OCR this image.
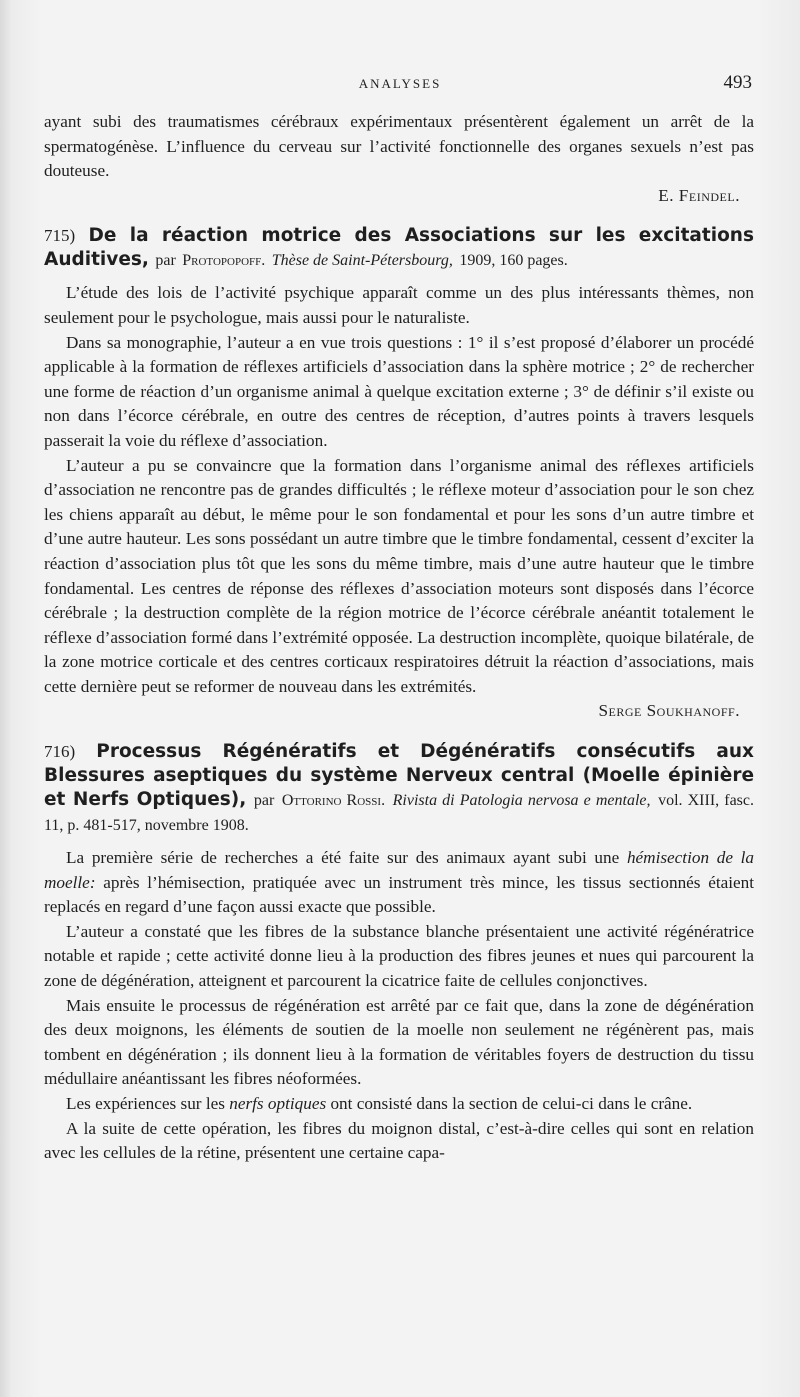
ANALYSES	493

ayant subi des traumatismes cérébraux expérimentaux présentèrent également un arrêt de la spermatogénèse. L’influence du cerveau sur l’activité fonctionnelle des organes sexuels n’est pas douteuse.

E. Feindel.

715) De la réaction motrice des Associations sur les excitations Auditives, par Protopopoff. Thèse de Saint-Pétersbourg, 1909, 160 pages.

L’étude des lois de l’activité psychique apparaît comme un des plus intéressants thèmes, non seulement pour le psychologue, mais aussi pour le naturaliste.

Dans sa monographie, l’auteur a en vue trois questions : 1° il s’est proposé d’élaborer un procédé applicable à la formation de réflexes artificiels d’association dans la sphère motrice ; 2° de rechercher une forme de réaction d’un organisme animal à quelque excitation externe ; 3° de définir s’il existe ou non dans l’écorce cérébrale, en outre des centres de réception, d’autres points à travers lesquels passerait la voie du réflexe d’association.

L’auteur a pu se convaincre que la formation dans l’organisme animal des réflexes artificiels d’association ne rencontre pas de grandes difficultés ; le réflexe moteur d’association pour le son chez les chiens apparaît au début, le même pour le son fondamental et pour les sons d’un autre timbre et d’une autre hauteur. Les sons possédant un autre timbre que le timbre fondamental, cessent d’exciter la réaction d’association plus tôt que les sons du même timbre, mais d’une autre hauteur que le timbre fondamental. Les centres de réponse des réflexes d’association moteurs sont disposés dans l’écorce cérébrale ; la destruction complète de la région motrice de l’écorce cérébrale anéantit totalement le réflexe d’association formé dans l’extrémité opposée. La destruction incomplète, quoique bilatérale, de la zone motrice corticale et des centres corticaux respiratoires détruit la réaction d’associations, mais cette dernière peut se reformer de nouveau dans les extrémités.

Serge Soukhanoff.

716) Processus Régénératifs et Dégénératifs consécutifs aux Blessures aseptiques du système Nerveux central (Moelle épinière et Nerfs Optiques), par Ottorino Rossi. Rivista di Patologia nervosa e mentale, vol. XIII, fasc. 11, p. 481-517, novembre 1908.

La première série de recherches a été faite sur des animaux ayant subi une hémisection de la moelle: après l’hémisection, pratiquée avec un instrument très mince, les tissus sectionnés étaient replacés en regard d’une façon aussi exacte que possible.

L’auteur a constaté que les fibres de la substance blanche présentaient une activité régénératrice notable et rapide ; cette activité donne lieu à la production des fibres jeunes et nues qui parcourent la zone de dégénération, atteignent et parcourent la cicatrice faite de cellules conjonctives.

Mais ensuite le processus de régénération est arrêté par ce fait que, dans la zone de dégénération des deux moignons, les éléments de soutien de la moelle non seulement ne régénèrent pas, mais tombent en dégénération ; ils donnent lieu à la formation de véritables foyers de destruction du tissu médullaire anéantissant les fibres néoformées.

Les expériences sur les nerfs optiques ont consisté dans la section de celui-ci dans le crâne.

A la suite de cette opération, les fibres du moignon distal, c’est-à-dire celles qui sont en relation avec les cellules de la rétine, présentent une certaine capa-
